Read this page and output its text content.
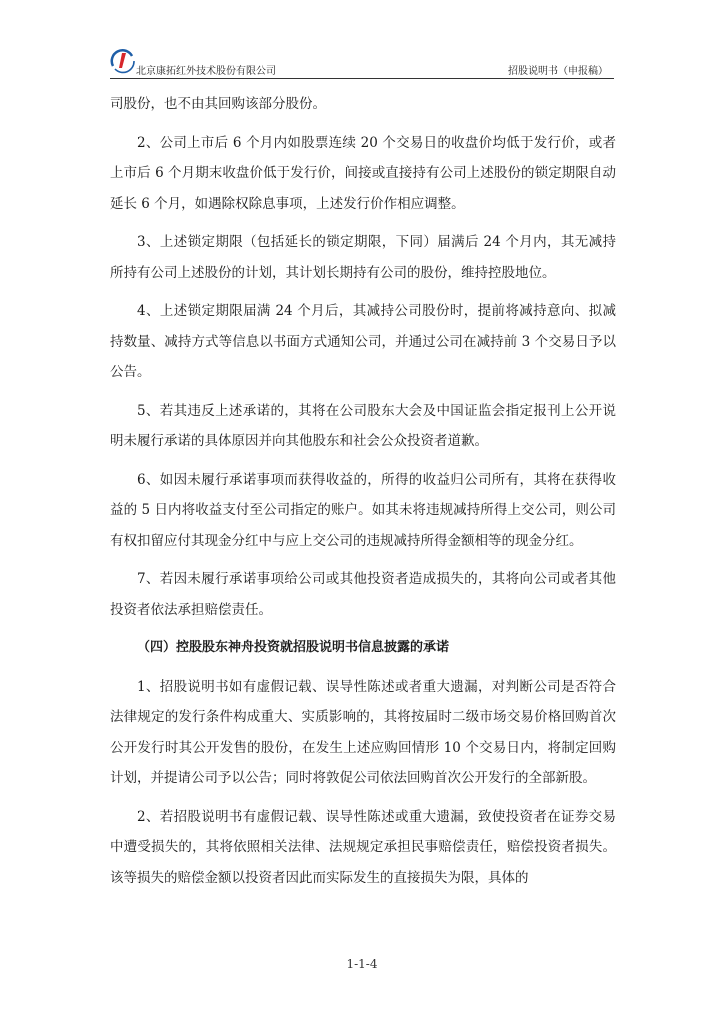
北京康拓红外技术股份有限公司	招股说明书（申报稿）

司股份，也不由其回购该部分股份。

2、公司上市后 6 个月内如股票连续 20 个交易日的收盘价均低于发行价，或者上市后 6 个月期末收盘价低于发行价，间接或直接持有公司上述股份的锁定期限自动延长 6 个月，如遇除权除息事项，上述发行价作相应调整。

3、上述锁定期限（包括延长的锁定期限，下同）届满后 24 个月内，其无减持所持有公司上述股份的计划，其计划长期持有公司的股份，维持控股地位。

4、上述锁定期限届满 24 个月后，其减持公司股份时，提前将减持意向、拟减持数量、减持方式等信息以书面方式通知公司，并通过公司在减持前 3 个交易日予以公告。

5、若其违反上述承诺的，其将在公司股东大会及中国证监会指定报刊上公开说明未履行承诺的具体原因并向其他股东和社会公众投资者道歉。

6、如因未履行承诺事项而获得收益的，所得的收益归公司所有，其将在获得收益的 5 日内将收益支付至公司指定的账户。如其未将违规减持所得上交公司，则公司有权扣留应付其现金分红中与应上交公司的违规减持所得金额相等的现金分红。

7、若因未履行承诺事项给公司或其他投资者造成损失的，其将向公司或者其他投资者依法承担赔偿责任。

（四）控股股东神舟投资就招股说明书信息披露的承诺

1、招股说明书如有虚假记载、误导性陈述或者重大遗漏，对判断公司是否符合法律规定的发行条件构成重大、实质影响的，其将按届时二级市场交易价格回购首次公开发行时其公开发售的股份，在发生上述应购回情形 10 个交易日内，将制定回购计划，并提请公司予以公告；同时将敦促公司依法回购首次公开发行的全部新股。

2、若招股说明书有虚假记载、误导性陈述或重大遗漏，致使投资者在证券交易中遭受损失的，其将依照相关法律、法规规定承担民事赔偿责任，赔偿投资者损失。该等损失的赔偿金额以投资者因此而实际发生的直接损失为限，具体的

1-1-4
